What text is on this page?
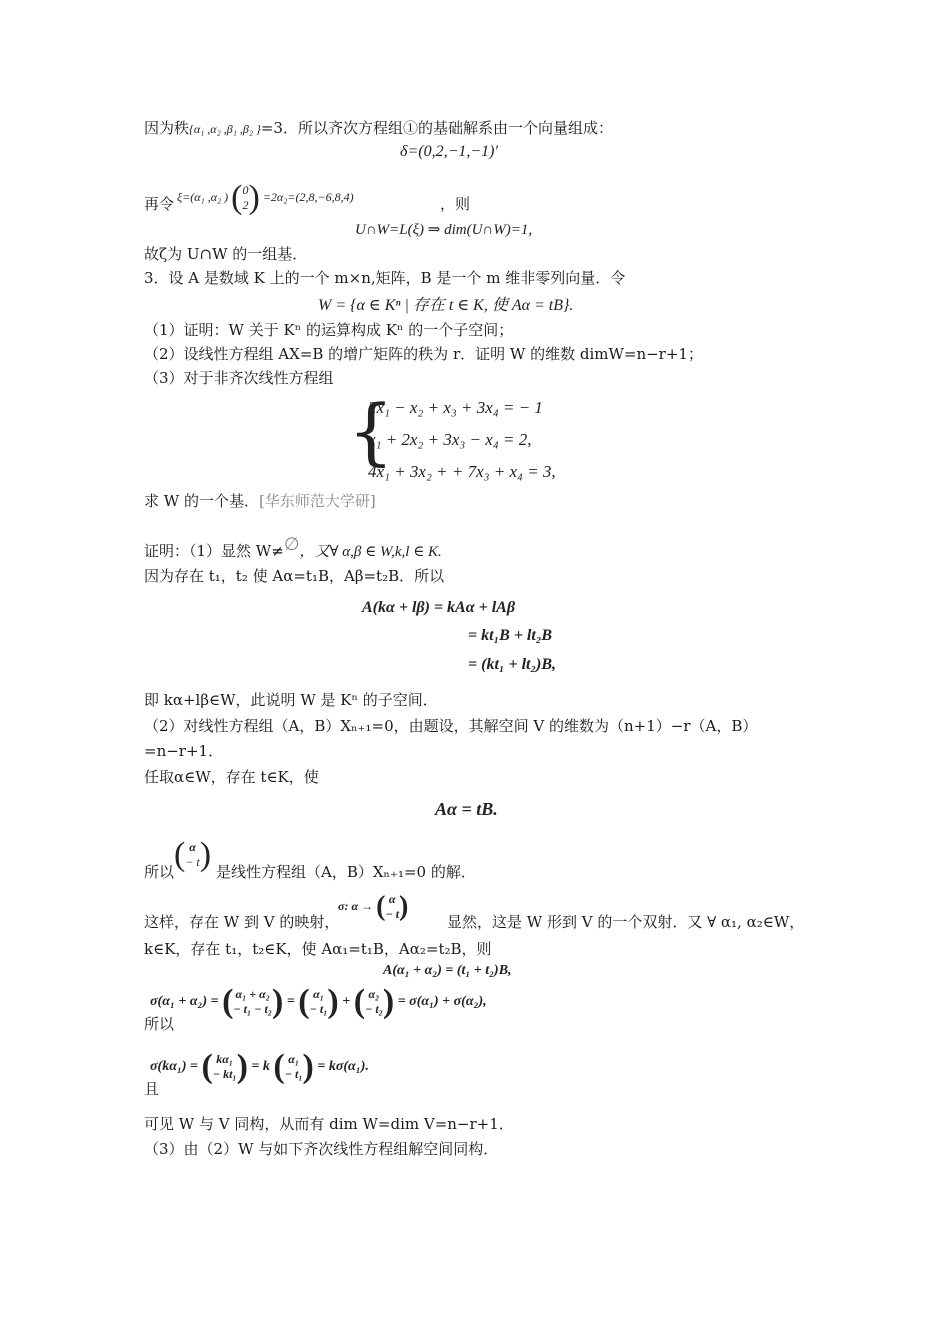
因为秩{α₁ ,α₂ ,β₁ ,β₂ }=3．所以齐次方程组①的基础解系由一个向量组成：
δ=(0,2,−1,−1)′
ξ=(α₁ ,α₂ ) (0
2) =2α₂=(2,8,−6,8,4)
再令	，则
U∩W=L(ξ) ⇒ dim(U∩W)=1,
故ζ为 U∩W 的一组基．
3．设 A 是数域 K 上的一个 m×n,矩阵，B 是一个 m 维非零列向量．令
W = {α ∈ Kⁿ | 存在 t ∈ K, 使 Aα = tB}.
（1）证明：W 关于 Kⁿ 的运算构成 Kⁿ 的一个子空间；
（2）设线性方程组 AX=B 的增广矩阵的秩为 r．证明 W 的维数 dimW=n−r+1；
（3）对于非齐次线性方程组
{
2x₁ − x₂ + x₃ + 3x₄ = − 1
x₁ + 2x₂ + 3x₃ − x₄ = 2,
4x₁ + 3x₂ + + 7x₃ + x₄ = 3,
求 W 的一个基．[华东师范大学研]
证明：（1）显然 W≠∅，又∀ α,β ∈ W,k,l ∈ K.
因为存在 t₁，t₂ 使 Aα=t₁B，Aβ=t₂B．所以
A(kα + lβ) = kAα + lAβ
= kt₁B + lt₂B
= (kt₁ + lt₂)B,
即 kα+lβ∈W，此说明 W 是 Kⁿ 的子空间．
（2）对线性方程组（A，B）Xₙ₊₁=0，由题设，其解空间 V 的维数为（n+1）−r（A，B）
=n−r+1．
任取α∈W，存在 t∈K，使
Aα = tB.
所以 ( α
− t) 是线性方程组（A，B）Xₙ₊₁=0 的解．
这样，存在 W 到 V 的映射，
σ: α → ( α
− t)	显然，这是 W 形到 V 的一个双射．又 ∀ α₁, α₂∈W，
k∈K，存在 t₁，t₂∈K，使 Aα₁=t₁B，Aα₂=t₂B，则
A(α₁ + α₂) = (t₁ + t₂)B,
所以
σ(α₁ + α₂) = ( α₁ + α₂
− t₁ − t₂) = ( α₁
− t₁) + ( α₂
− t₂) = σ(α₁) + σ(α₂),
且
σ(kα₁) = ( kα₁
− kt₁) = k ( α₁
− t₁) = kσ(α₁).
可见 W 与 V 同构，从而有 dim W=dim V=n−r+1．
（3）由（2）W 与如下齐次线性方程组解空间同构．
